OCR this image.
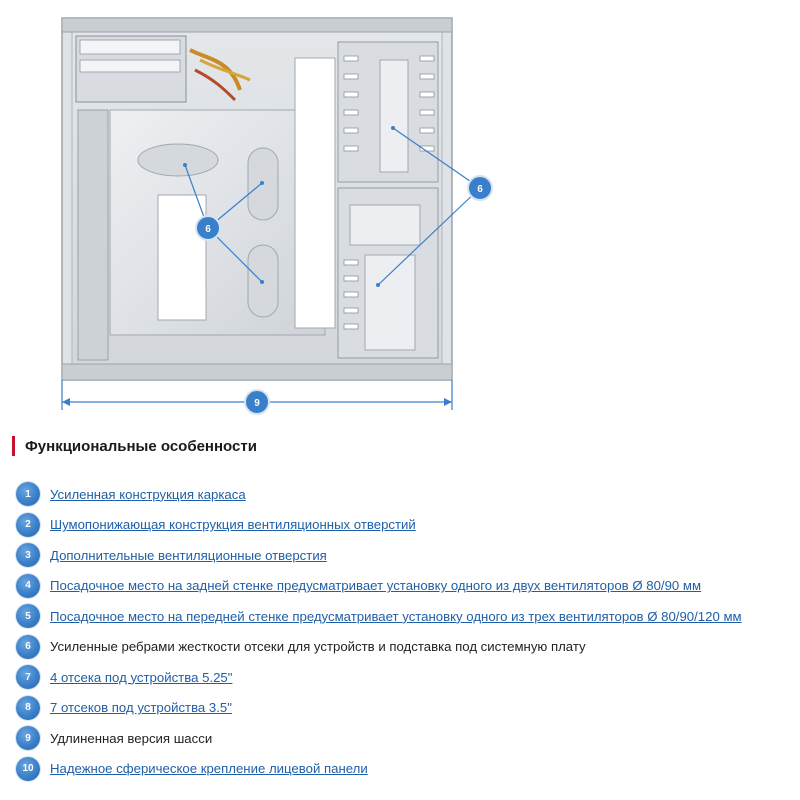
6
6
9
Функциональные особенности
1	Усиленная конструкция каркаса
2	Шумопонижающая конструкция вентиляционных отверстий
3	Дополнительные вентиляционные отверстия
4	Посадочное место на задней стенке предусматривает установку одного из двух вентиляторов Ø 80/90 мм
5	Посадочное место на передней стенке предусматривает установку одного из трех вентиляторов Ø 80/90/120 мм
6	Усиленные ребрами жесткости отсеки для устройств и подставка под системную плату
7	4 отсека под устройства 5.25"
8	7 отсеков под устройства 3.5"
9	Удлиненная версия шасси
10	Надежное сферическое крепление лицевой панели
